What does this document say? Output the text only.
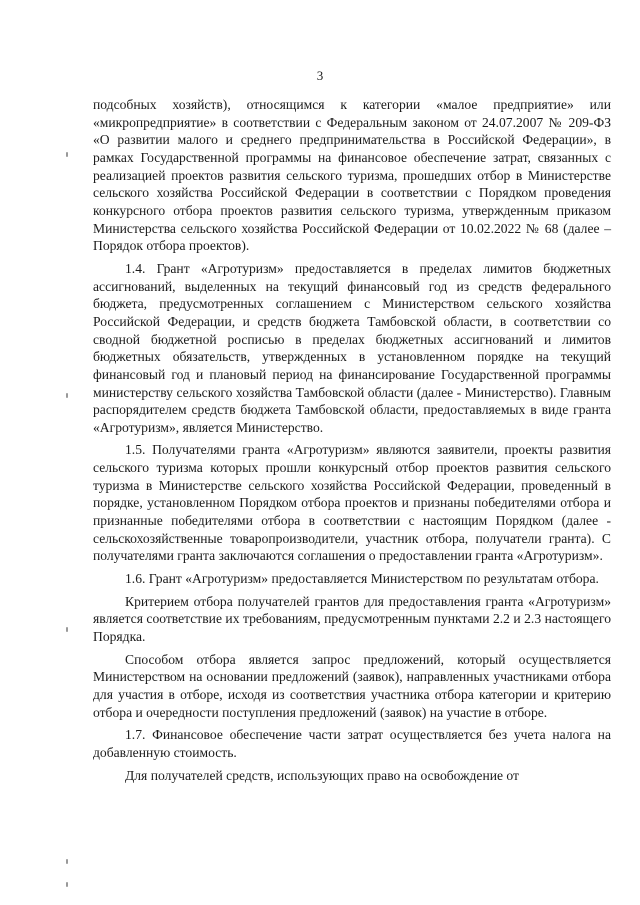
3

подсобных хозяйств), относящимся к категории «малое предприятие» или «микропредприятие» в соответствии с Федеральным законом от 24.07.2007 № 209-ФЗ «О развитии малого и среднего предпринимательства в Российской Федерации», в рамках Государственной программы на финансовое обеспечение затрат, связанных с реализацией проектов развития сельского туризма, прошедших отбор в Министерстве сельского хозяйства Российской Федерации в соответствии с Порядком проведения конкурсного отбора проектов развития сельского туризма, утвержденным приказом Министерства сельского хозяйства Российской Федерации от 10.02.2022 № 68 (далее – Порядок отбора проектов).

1.4. Грант «Агротуризм» предоставляется в пределах лимитов бюджетных ассигнований, выделенных на текущий финансовый год из средств федерального бюджета, предусмотренных соглашением с Министерством сельского хозяйства Российской Федерации, и средств бюджета Тамбовской области, в соответствии со сводной бюджетной росписью в пределах бюджетных ассигнований и лимитов бюджетных обязательств, утвержденных в установленном порядке на текущий финансовый год и плановый период на финансирование Государственной программы министерству сельского хозяйства Тамбовской области (далее - Министерство). Главным распорядителем средств бюджета Тамбовской области, предоставляемых в виде гранта «Агротуризм», является Министерство.

1.5. Получателями гранта «Агротуризм» являются заявители, проекты развития сельского туризма которых прошли конкурсный отбор проектов развития сельского туризма в Министерстве сельского хозяйства Российской Федерации, проведенный в порядке, установленном Порядком отбора проектов и признаны победителями отбора и признанные победителями отбора в соответствии с настоящим Порядком (далее - сельскохозяйственные товаропроизводители, участник отбора, получатели гранта). С получателями гранта заключаются соглашения о предоставлении гранта «Агротуризм».

1.6. Грант «Агротуризм» предоставляется Министерством по результатам отбора.

Критерием отбора получателей грантов для предоставления гранта «Агротуризм» является соответствие их требованиям, предусмотренным пунктами 2.2 и 2.3 настоящего Порядка.

Способом отбора является запрос предложений, который осуществляется Министерством на основании предложений (заявок), направленных участниками отбора для участия в отборе, исходя из соответствия участника отбора категории и критерию отбора и очередности поступления предложений (заявок) на участие в отборе.

1.7. Финансовое обеспечение части затрат осуществляется без учета налога на добавленную стоимость.

Для получателей средств, использующих право на освобождение от
